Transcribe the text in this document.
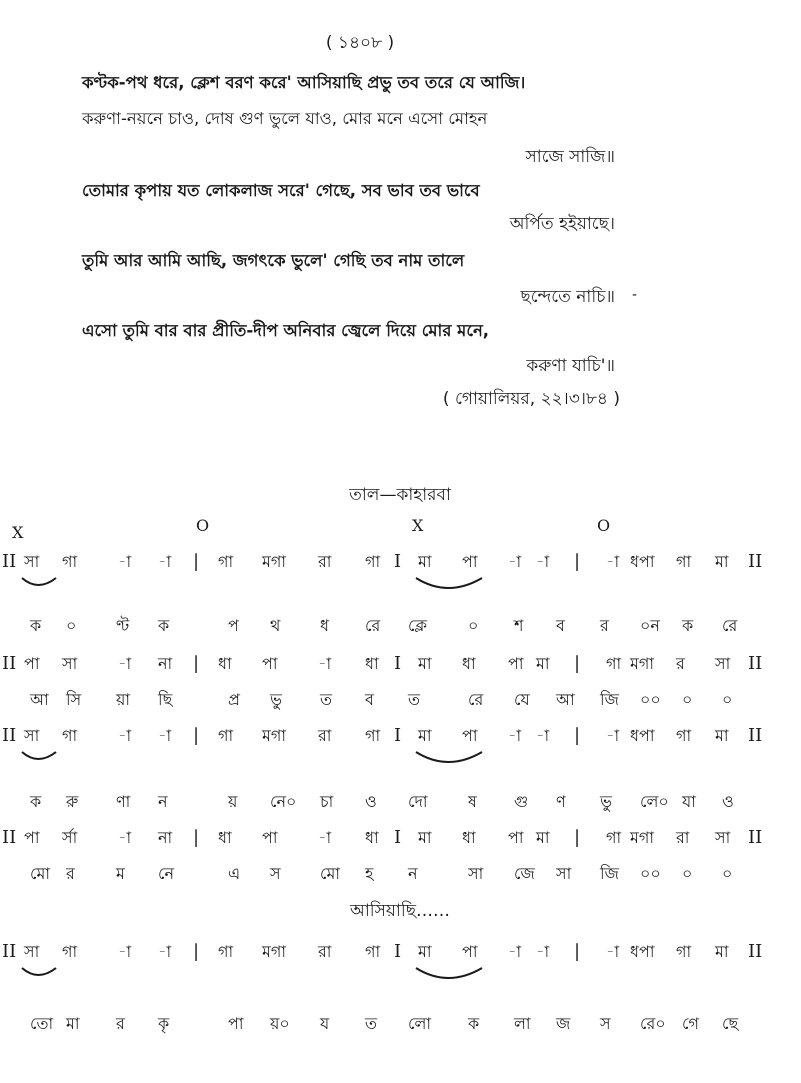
( ১৪০৮ )
কণ্টক-পথ ধরে, ক্লেশ বরণ করে' আসিয়াছি প্রভু তব তরে যে আজি।
করুণা-নয়নে চাও, দোষ গুণ ভুলে যাও, মোর মনে এসো মোহন
সাজে সাজি॥
তোমার কৃপায় যত লোকলাজ সরে' গেছে, সব ভাব তব ভাবে
অর্পিত হইয়াছে।
তুমি আর আমি আছি, জগৎকে ভুলে' গেছি তব নাম তালে
ছন্দেতে নাচি॥ -
এসো তুমি বার বার প্রীতি-দীপ অনিবার জ্বেলে দিয়ে মোর মনে,
করুণা যাচি'॥
( গোয়ালিয়র, ২২।৩।৮৪ )
তাল—কাহারবা
X	O	X	O
II সা গা	-া -া | গা মগা রা গা I মা পা -া -া | -া ধপা গা মা II
ক ০ ণ্ট ক	প থ ধ রে ক্লে	০ শ ব র ০ন ক রে
II পা সা	-া না | ধা পা	-া ধা I মা ধা পা মা | গা মগা র সা II
আ সি য়া ছি	প্র ভু ত ব ত	রে যে আ জি ০০ ০ ০
II সা গা	-া -া | গা মগা রা গা I মা পা -া -া | -া ধপা গা মা II
ক রু ণা ন	য় নে০ চা ও দো	ষ গু ণ ভু লে০ যা ও
II পা র্সা	-া না | ধা পা	-া ধা I মা ধা পা মা | গা মগা রা সা II
মো র	ম নে	এ স মো হ ন	সা জে সা জি ০০ ০ ০
আসিয়াছি……
II সা গা	-া -া | গা মগা রা গা I মা পা -া -া | -া ধপা গা মা II
তো মা র কৃ	পা য়০ য ত লো ক লা জ স রে০ গে ছে
